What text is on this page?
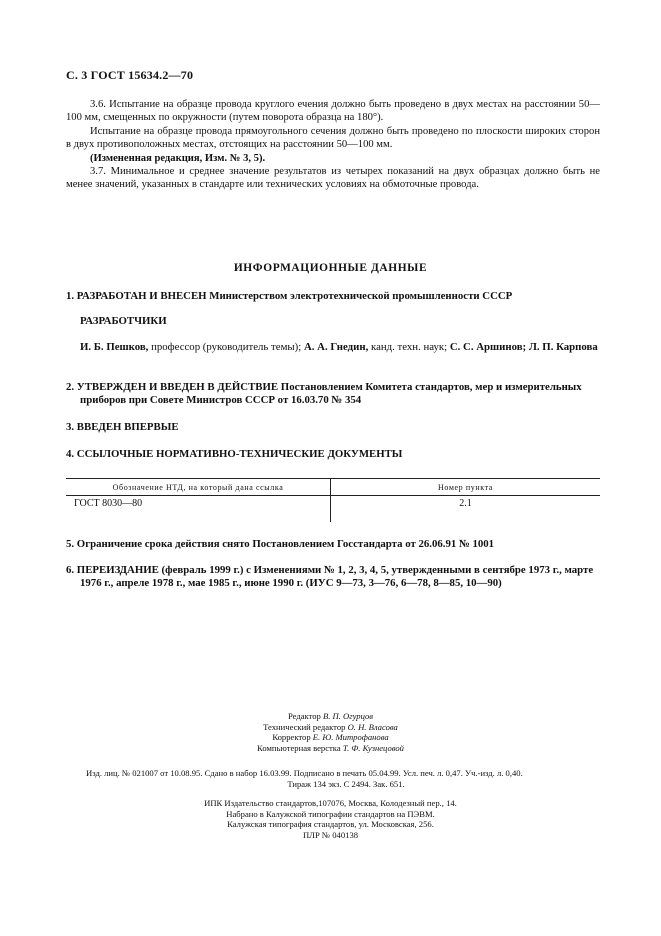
С. 3 ГОСТ 15634.2—70

3.6. Испытание на образце провода круглого ечения должно быть проведено в двух местах на расстоянии 50—100 мм, смещенных по окружности (путем поворота образца на 180°).

Испытание на образце провода прямоугольного сечения должно быть проведено по плоскости широких сторон в двух противоположных местах, отстоящих на расстоянии 50—100 мм.

(Измененная редакция, Изм. № 3, 5).

3.7. Минимальное и среднее значение результатов из четырех показаний на двух образцах должно быть не менее значений, указанных в стандарте или технических условиях на обмоточные провода.

ИНФОРМАЦИОННЫЕ ДАННЫЕ
1. РАЗРАБОТАН И ВНЕСЕН Министерством электротехнической промышленности СССР
РАЗРАБОТЧИКИ
И. Б. Пешков, профессор (руководитель темы); А. А. Гнедин, канд. техн. наук; С. С. Аршинов; Л. П. Карпова

2. УТВЕРЖДЕН И ВВЕДЕН В ДЕЙСТВИЕ Постановлением Комитета стандартов, мер и измерительных приборов при Совете Министров СССР от 16.03.70 № 354

3. ВВЕДЕН ВПЕРВЫЕ
4. ССЫЛОЧНЫЕ НОРМАТИВНО-ТЕХНИЧЕСКИЕ ДОКУМЕНТЫ
Обозначение НТД, на который дана ссылка	Номер пункта
ГОСТ 8030—80	2.1
5. Ограничение срока действия снято Постановлением Госстандарта от 26.06.91 № 1001

6. ПЕРЕИЗДАНИЕ (февраль 1999 г.) с Изменениями № 1, 2, 3, 4, 5, утвержденными в сентябре 1973 г., марте 1976 г., апреле 1978 г., мае 1985 г., июне 1990 г. (ИУС 9—73, 3—76, 6—78, 8—85, 10—90)

Редактор В. П. Огурцов
Технический редактор О. Н. Власова
Корректор Е. Ю. Митрофанова
Компьютерная верстка Т. Ф. Кузнецовой
Изд. лиц. № 021007 от 10.08.95. Сдано в набор 16.03.99. Подписано в печать 05.04.99. Усл. печ. л. 0,47. Уч.-изд. л. 0,40.
Тираж 134 экз. С 2494. Зак. 651.
ИПК Издательство стандартов,107076, Москва, Колодезный пер., 14.
Набрано в Калужской типографии стандартов на ПЭВМ.
Калужская типография стандартов, ул. Московская, 256.
ПЛР № 040138
